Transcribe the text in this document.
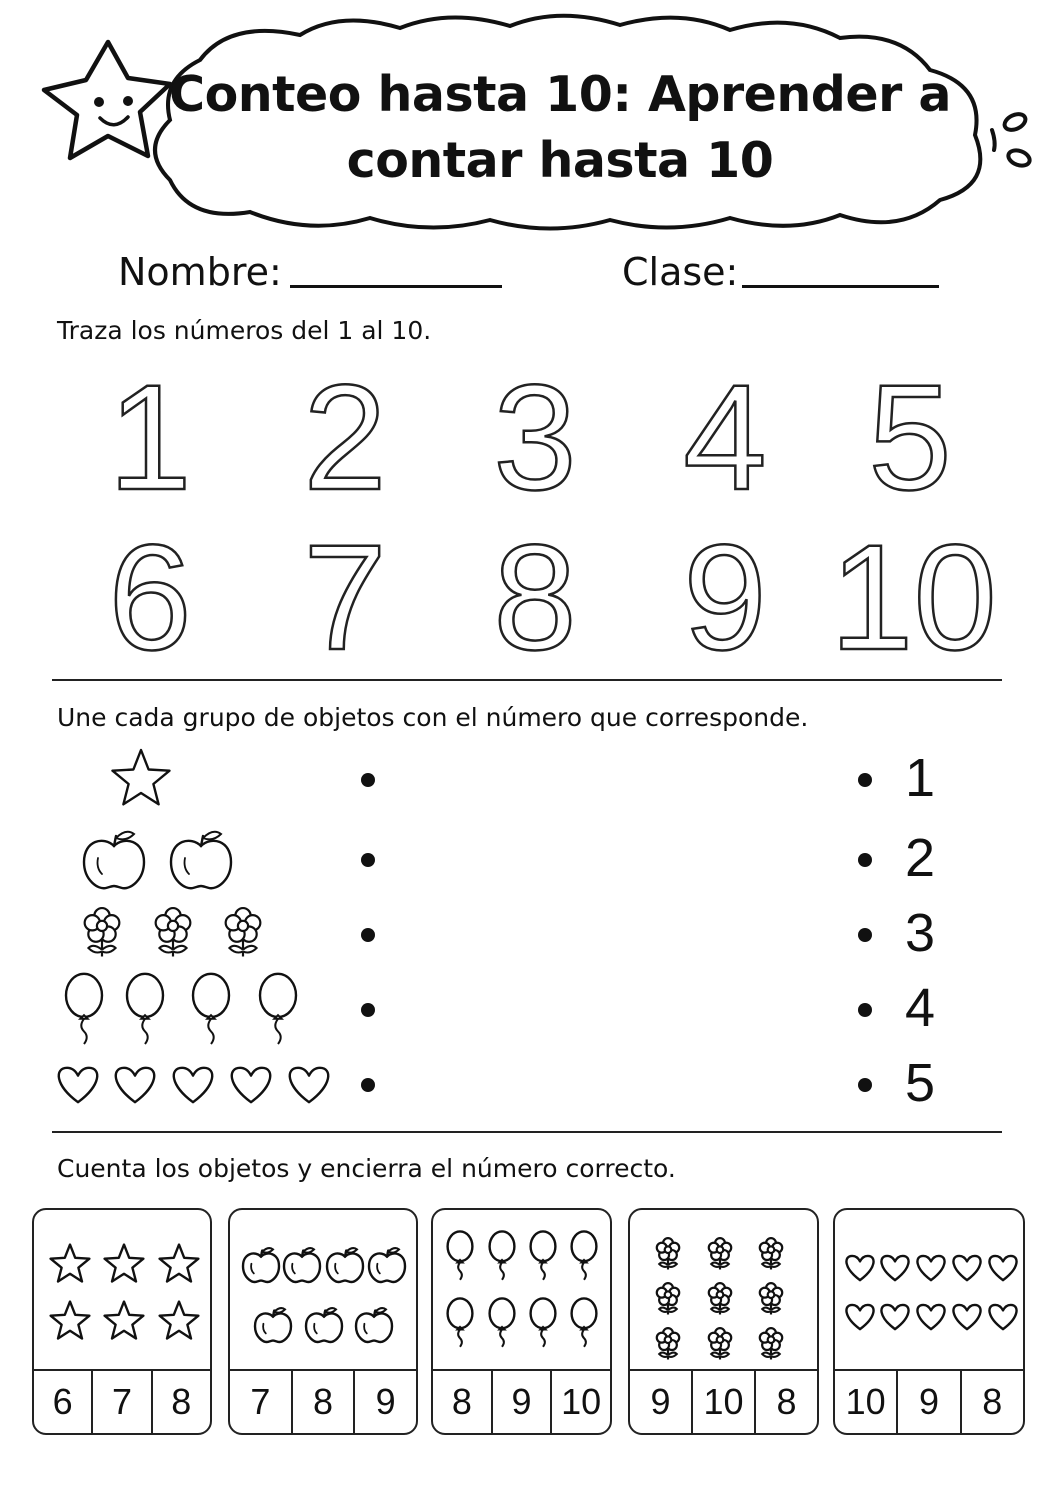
Conteo hasta 10: Aprender a contar hasta 10
Nombre:	Clase:
Traza los números del 1 al 10.
1 2 3 4 5
6 7 8 9 10
Une cada grupo de objetos con el número que corresponde.
1
2
3
4
5
Cuenta los objetos y encierra el número correcto.
6	7	8	7	8	9	8	9 10	9 10 8	10 9	8
